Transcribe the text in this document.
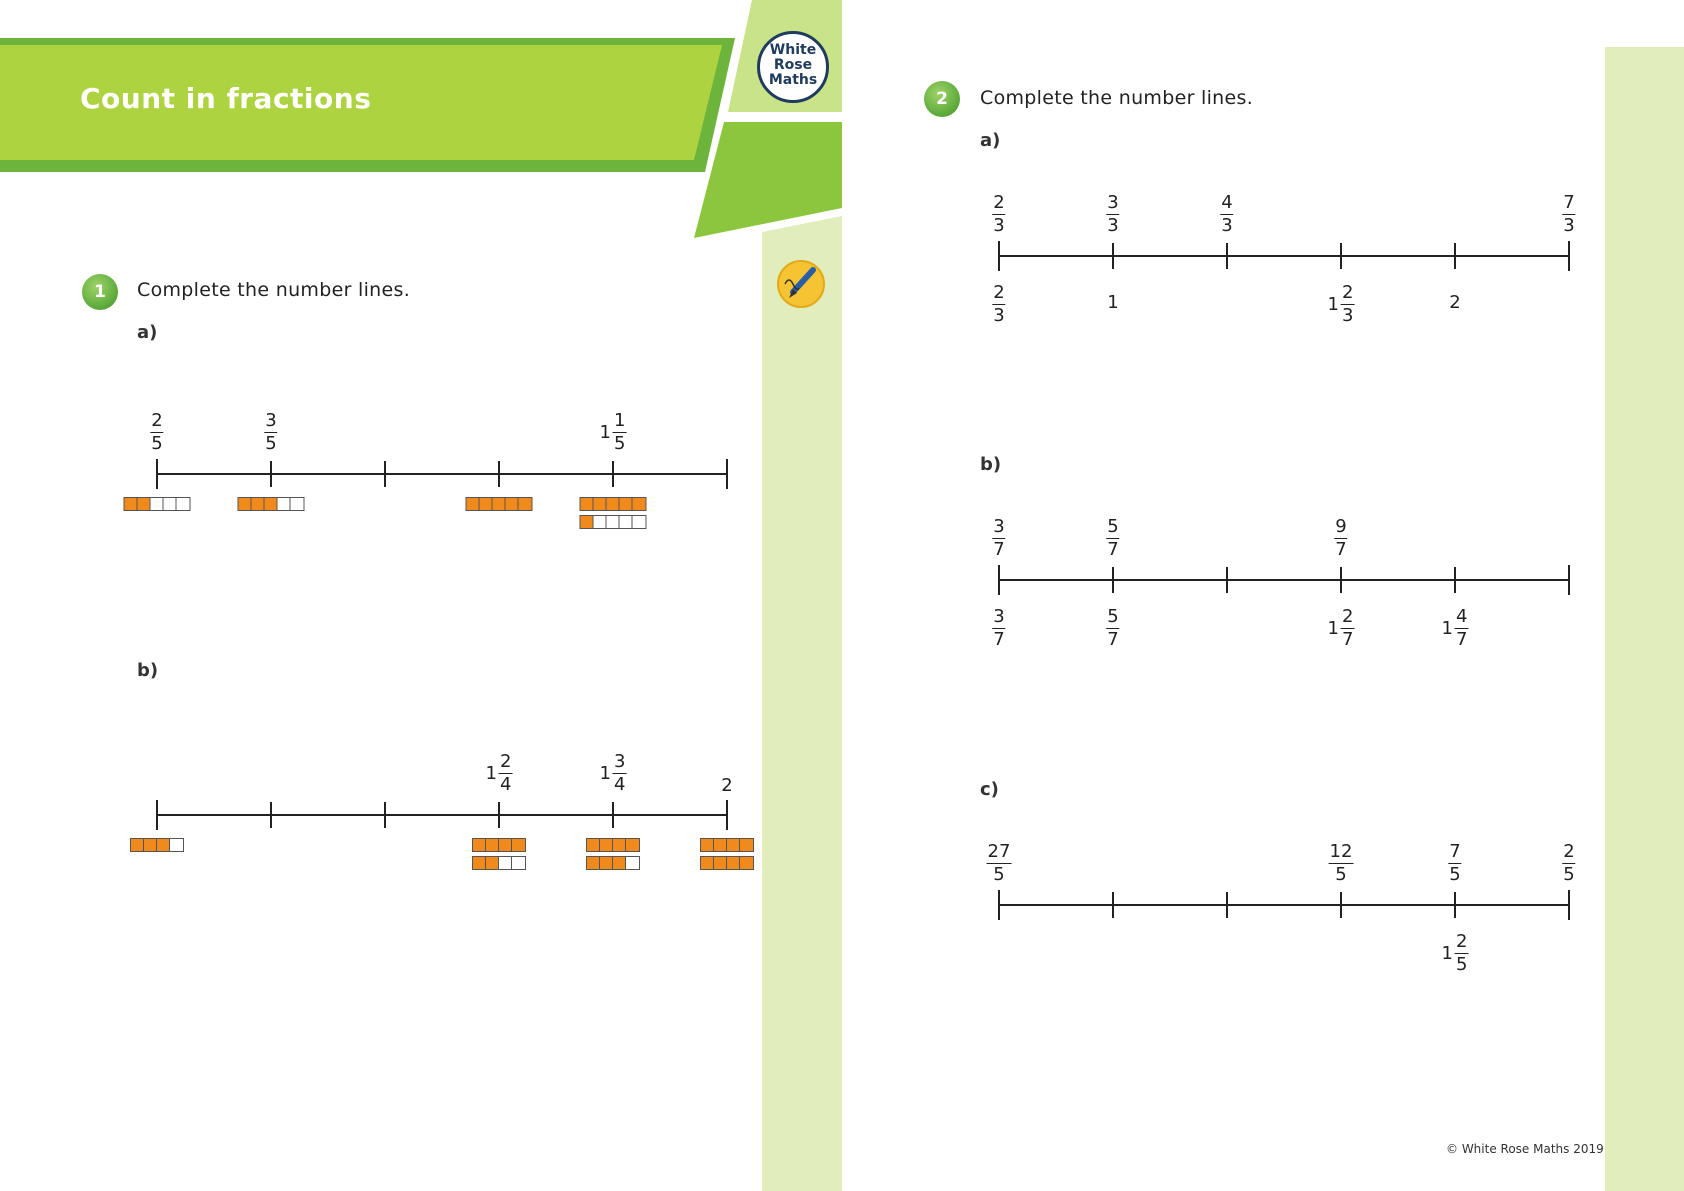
Count in fractions
White
Rose
Maths
1 Complete the number lines.
a)
b)
2 Complete the number lines.
a)
b)
c)
$\frac{2}{5}$	$\frac{3}{5}$	$1 \frac{1}{5}$
$1 \frac{2}{4}$	$1 \frac{3}{4}$	2
$\frac{2}{3}$	$\frac{3}{3}$	$\frac{4}{3}$	$\frac{7}{3}$
$\frac{2}{3}$	1	$1 \frac{2}{3}$	2
$\frac{3}{7}$	$\frac{5}{7}$	$\frac{9}{7}$
$\frac{3}{7}$	$\frac{5}{7}$	$1 \frac{2}{7}$	$1 \frac{4}{7}$
$\frac{27}{5}$	$\frac{12}{5}$	$\frac{7}{5}$	$\frac{2}{5}$
$1 \frac{2}{5}$
© White Rose Maths 2019
